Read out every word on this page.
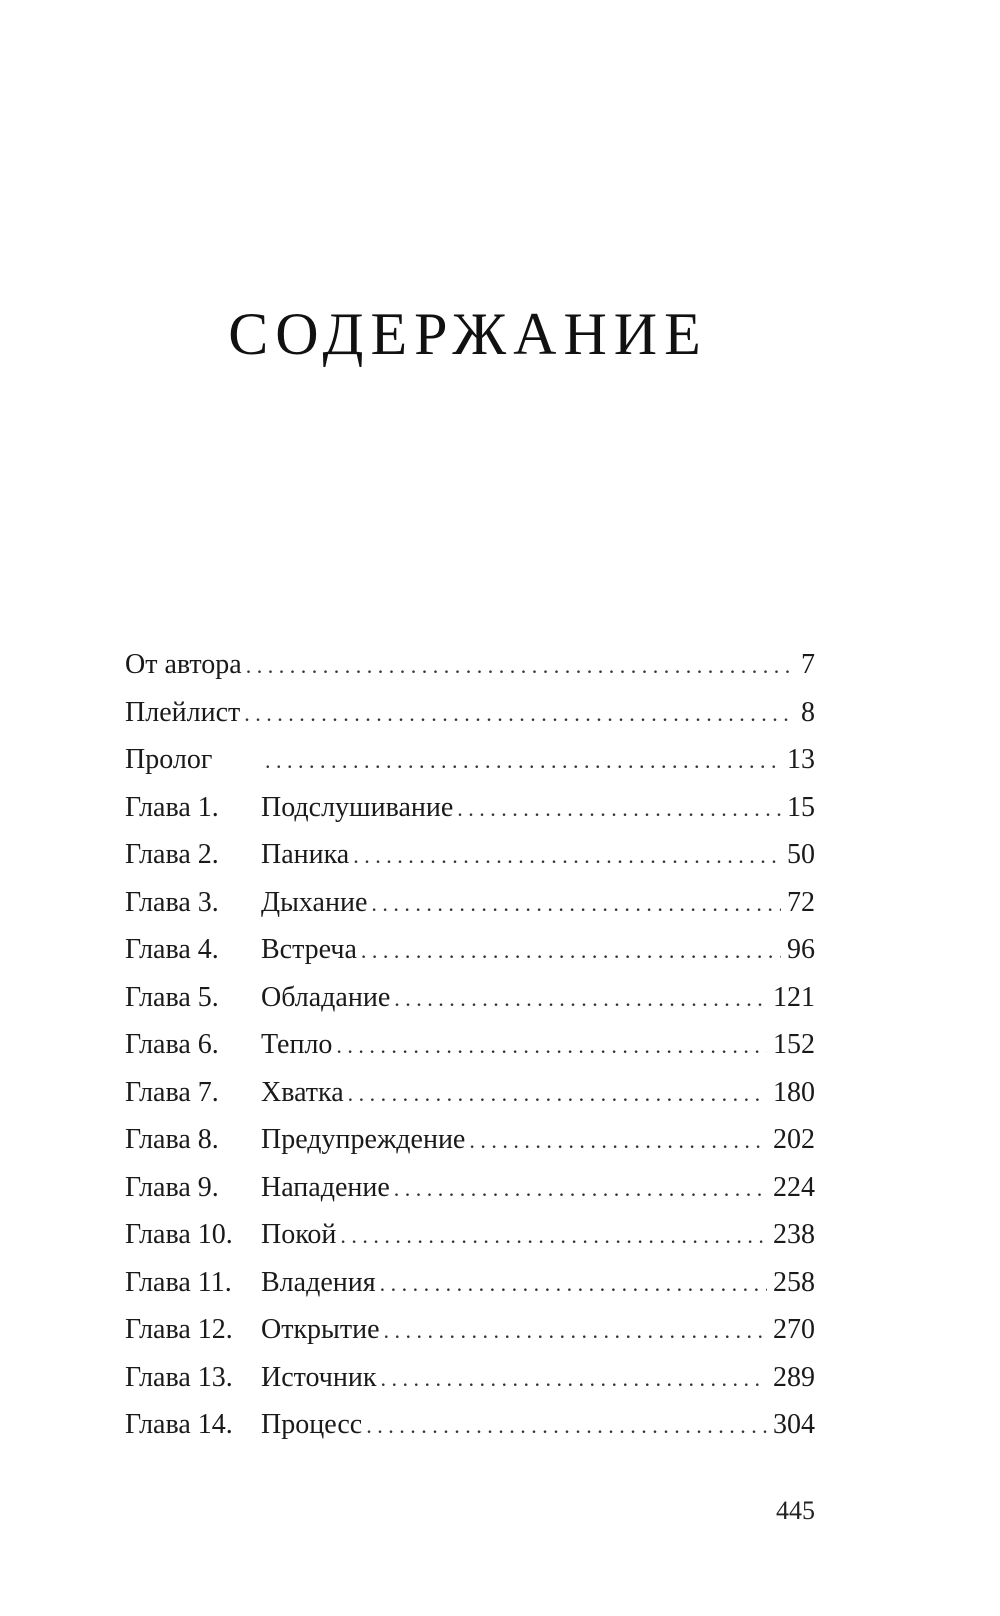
СОДЕРЖАНИЕ
От автора . . .	7
Плейлист . . .	8
Пролог . . .	13
Глава 1.	Подслушивание . . .	15
Глава 2.	Паника . . .	50
Глава 3.	Дыхание . . .	72
Глава 4.	Встреча . . .	96
Глава 5.	Обладание . . .	121
Глава 6.	Тепло . . .	152
Глава 7.	Хватка . . .	180
Глава 8.	Предупреждение . . .	202
Глава 9.	Нападение . . .	224
Глава 10.	Покой . . .	238
Глава 11.	Владения . . .	258
Глава 12.	Открытие . . .	270
Глава 13.	Источник . . .	289
Глава 14.	Процесс . . .	304
445
